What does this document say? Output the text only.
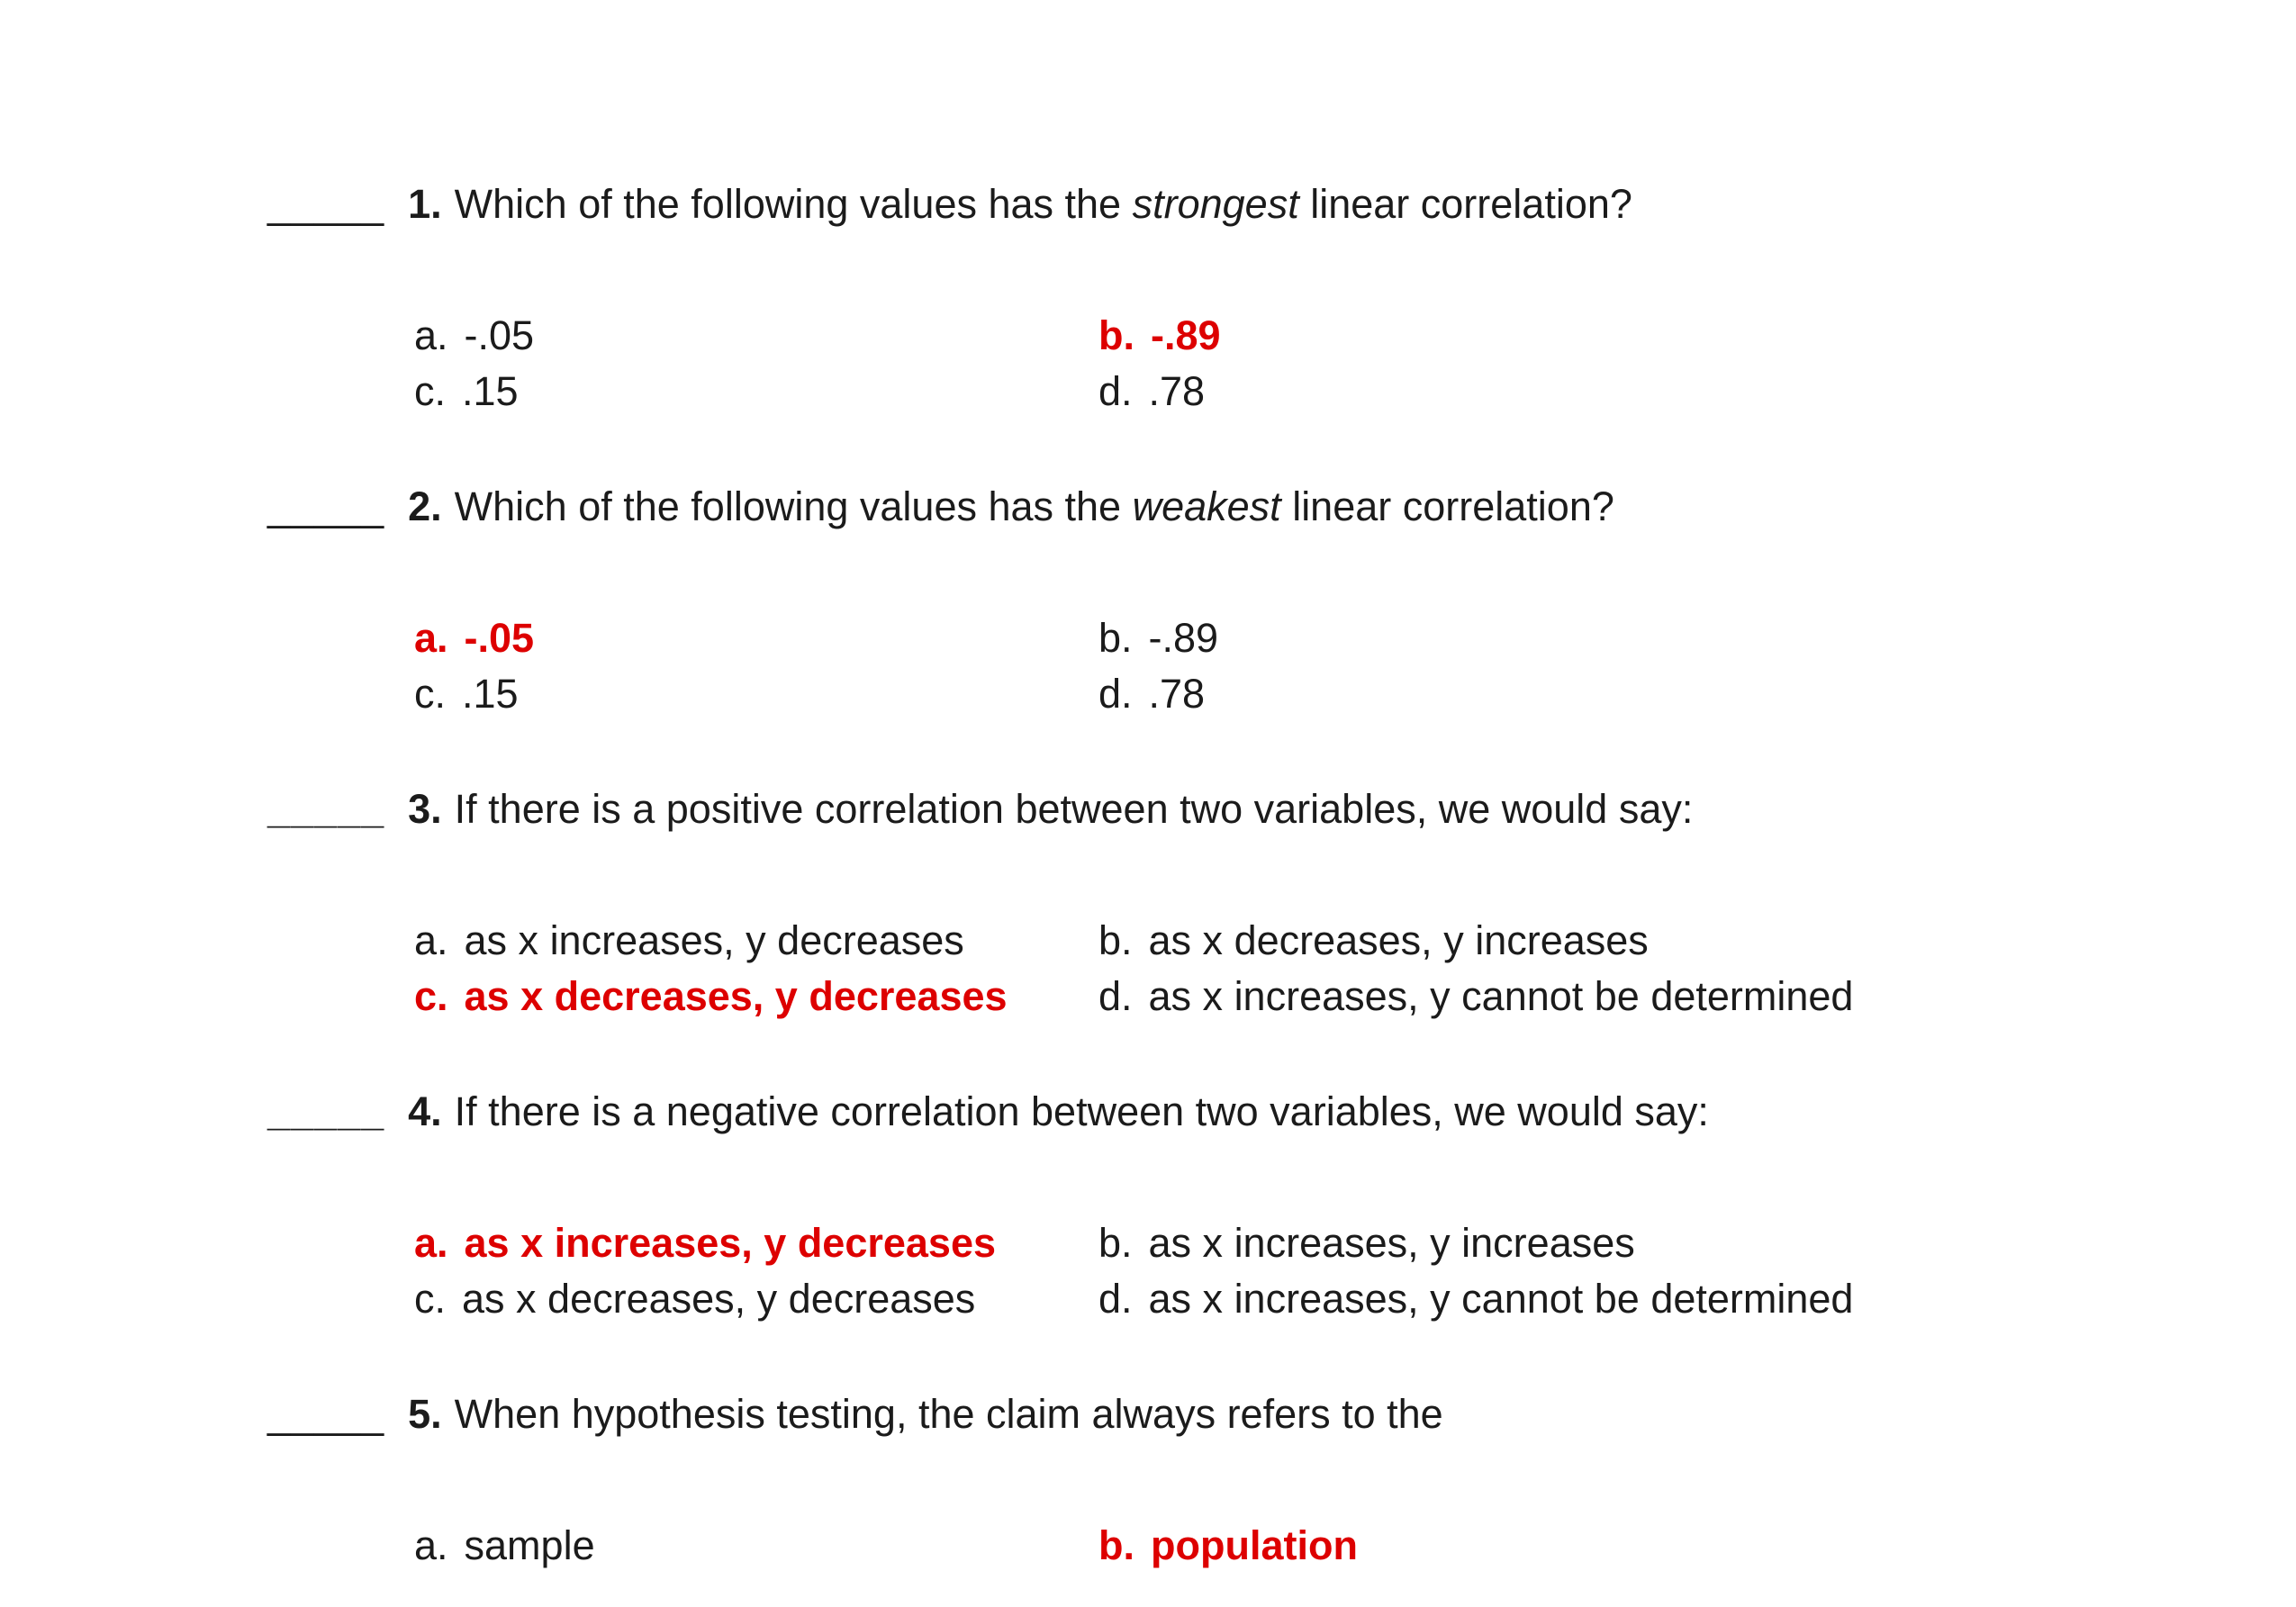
_____ 1. Which of the following values has the strongest linear correlation?
a. -.05	b. -.89
c. .15	d. .78
_____ 2. Which of the following values has the weakest linear correlation?
a. -.05	b. -.89
c. .15	d. .78
_____ 3. If there is a positive correlation between two variables, we would say:
a. as x increases, y decreases	b. as x decreases, y increases
c. as x decreases, y decreases	d. as x increases, y cannot be determined
_____ 4. If there is a negative correlation between two variables, we would say:
a. as x increases, y decreases	b. as x increases, y increases
c. as x decreases, y decreases	d. as x increases, y cannot be determined
_____ 5. When hypothesis testing, the claim always refers to the
a. sample	b. population
